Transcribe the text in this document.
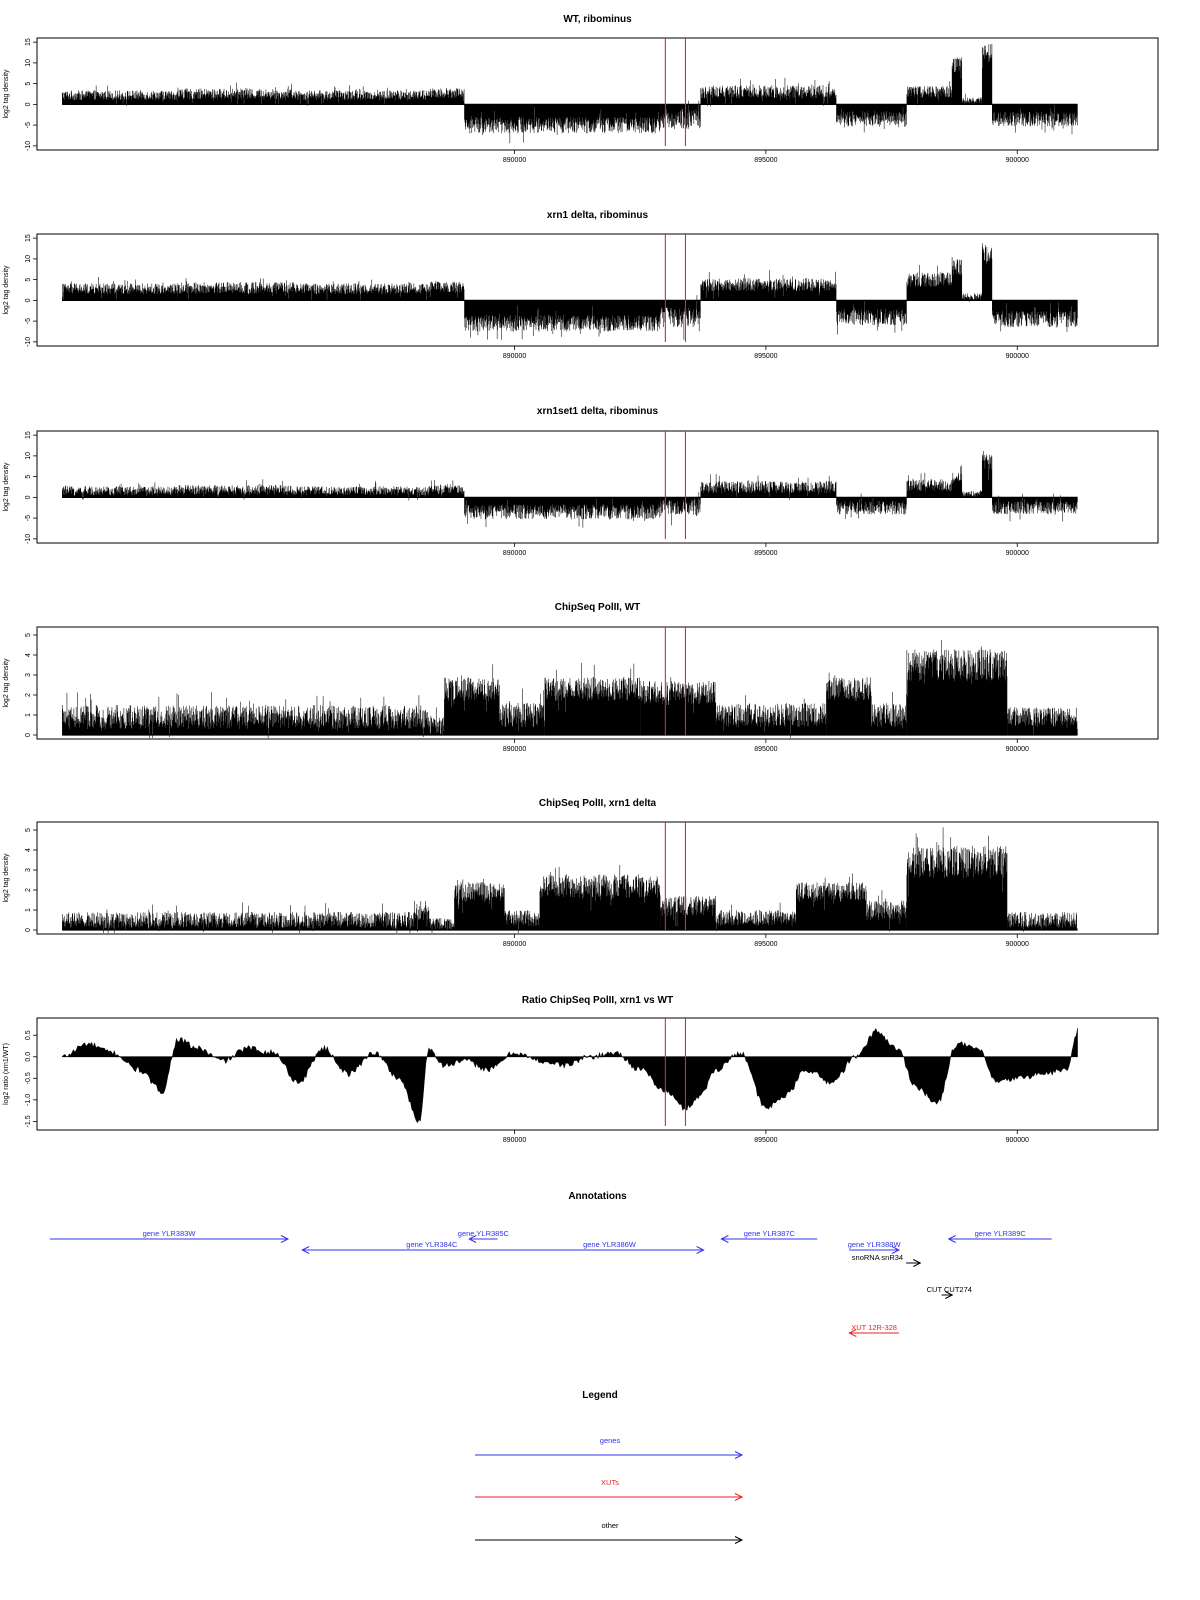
WT, ribominus
-10
-5
0
5
10
15
log2 tag density
890000	895000	900000
xrn1 delta, ribominus
-10
-5
0
5
10
15
log2 tag density
890000	895000	900000
xrn1set1 delta, ribominus
-10
-5
0
5
10
15
log2 tag density
890000	895000	900000
ChipSeq PolII, WT
0
1
2
3
4
5
log2 tag density
890000	895000	900000
ChipSeq PolII, xrn1 delta
0
1
2
3
4
5
log2 tag density
890000	895000	900000
Ratio ChipSeq PolII, xrn1 vs WT
-1.5
-1.0
-0.5
0.0
0.5
log2 ratio (xrn1/WT)
890000	895000	900000
Annotations
gene YLR383W
gene YLR384C
gene YLR385C
gene YLR386W
gene YLR387C
gene YLR388W
gene YLR389C
snoRNA snR34
CUT CUT274
XUT 12R-328
Legend
genes
XUTs
other
